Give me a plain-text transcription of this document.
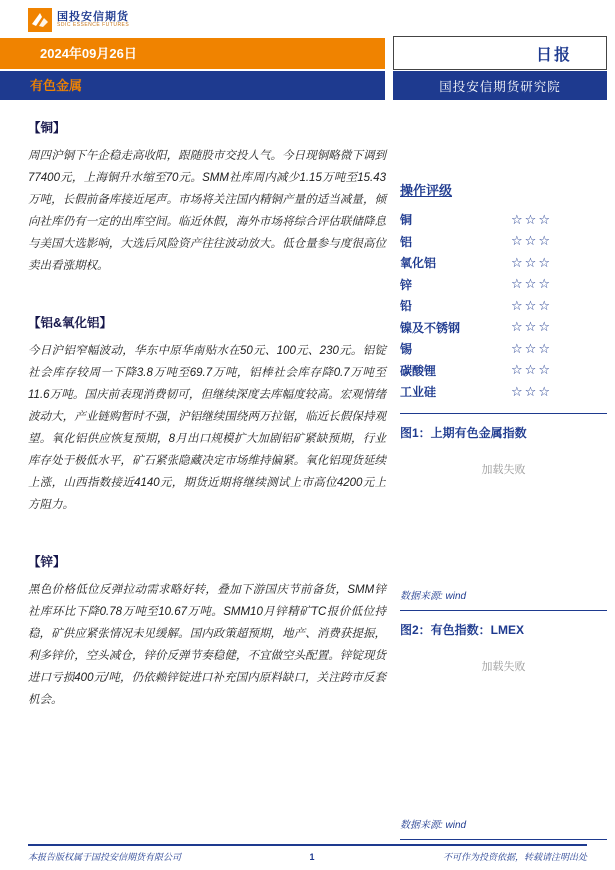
国投安信期货
SDIC ESSENCE FUTURES
2024年09月26日	日报
有色金属	国投安信期货研究院
【铜】

周四沪铜下午企稳走高收阳，跟随股市交投人气。今日现铜略微下调到77400元，上海铜升水缩至70元。SMM社库周内减少1.15万吨至15.43万吨，长假前备库接近尾声。市场将关注国内精铜产量的适当减量，倾向社库仍有一定的出库空间。临近休假，海外市场将综合评估联储降息与美国大选影响，大选后风险资产往往波动放大。低仓量参与度很高位卖出看涨期权。

【铝&氧化铝】

今日沪铝窄幅波动，华东中原华南贴水在50元、100元、230元。铝锭社会库存较周一下降3.8万吨至69.7万吨，铝棒社会库存降0.7万吨至11.6万吨。国庆前表现消费韧可，但继续深度去库幅度较高。宏观情绪波动大，产业链购暂时不强，沪铝继续围绕两万拉锯，临近长假保持观望。氧化铝供应恢复预期，8月出口规模扩大加剧铝矿紧缺预期，行业库存处于极低水平，矿石紧张隐藏决定市场维持偏紧。氧化铝现货延续上涨，山西指数接近4140元，期货近期将继续测试上市高位4200元上方阻力。

【锌】

黑色价格低位反弹拉动需求略好转，叠加下游国庆节前备货，SMM锌社库环比下降0.78万吨至10.67万吨。SMM10月锌精矿TC报价低位持稳，矿供应紧张情况未见缓解。国内政策超预期，地产、消费获提振，利多锌价，空头减仓，锌价反弹节奏稳健，不宜做空头配置。锌锭现货进口亏损400元/吨，仍依赖锌锭进口补充国内原料缺口，关注跨市反套机会。

操作评级
铜	☆☆☆
铝	☆☆☆
氧化铝	☆☆☆
锌	☆☆☆
铅	☆☆☆
镍及不锈钢	☆☆☆
锡	☆☆☆
碳酸锂	☆☆☆
工业硅	☆☆☆
图1：上期有色金属指数
加载失败
数据来源: wind
图2：有色指数：LMEX
加载失败
数据来源: wind
本报告版权属于国投安信期货有限公司	1	不可作为投资依据，转载请注明出处
